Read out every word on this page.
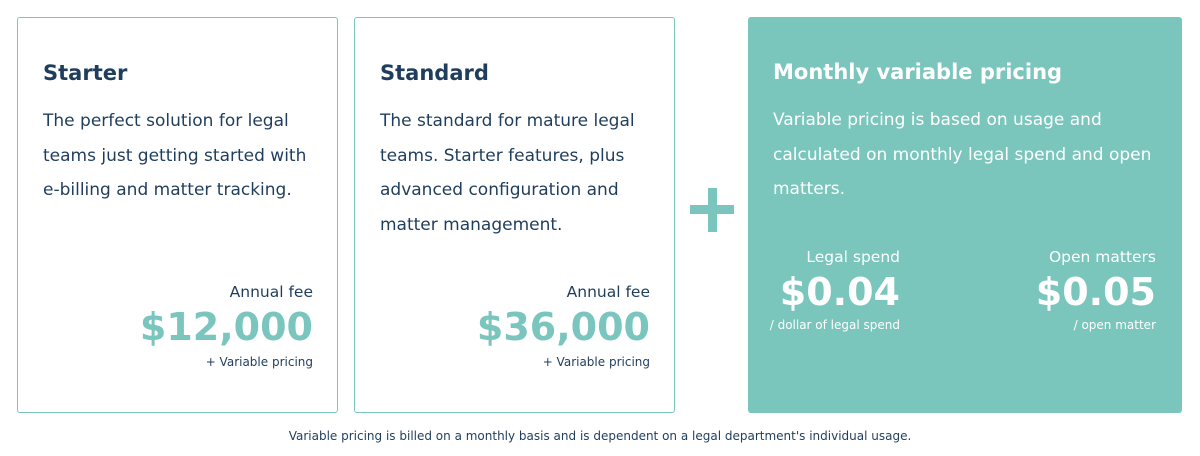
Starter

The perfect solution for legal teams just getting started with e-billing and matter tracking.

Annual fee
$12,000
+ Variable pricing
Standard

The standard for mature legal teams. Starter features, plus advanced configuration and matter management.

Annual fee
$36,000
+ Variable pricing
Monthly variable pricing

Variable pricing is based on usage and calculated on monthly legal spend and open matters.

Legal spend
$0.04
/ dollar of legal spend
Open matters
$0.05
/ open matter
Variable pricing is billed on a monthly basis and is dependent on a legal department's individual usage.
